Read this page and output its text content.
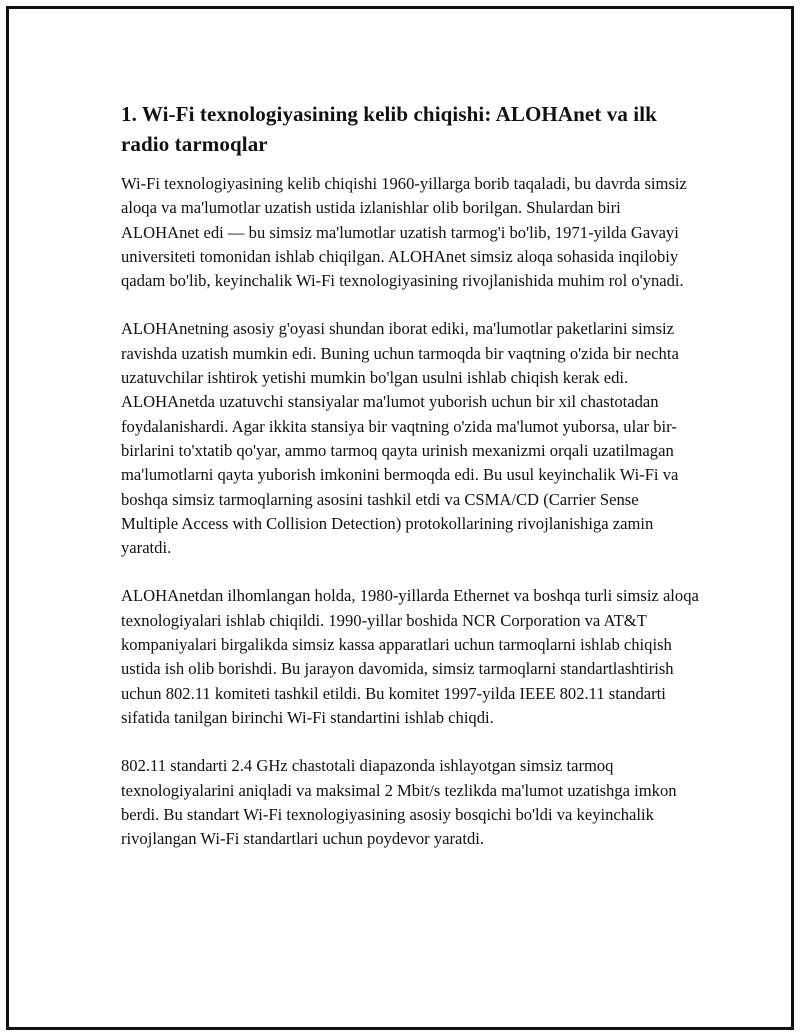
1. Wi-Fi texnologiyasining kelib chiqishi: ALOHAnet va ilk radio tarmoqlar

Wi-Fi texnologiyasining kelib chiqishi 1960-yillarga borib taqaladi, bu davrda simsiz aloqa va ma'lumotlar uzatish ustida izlanishlar olib borilgan. Shulardan biri ALOHAnet edi — bu simsiz ma'lumotlar uzatish tarmog'i bo'lib, 1971-yilda Gavayi universiteti tomonidan ishlab chiqilgan. ALOHAnet simsiz aloqa sohasida inqilobiy qadam bo'lib, keyinchalik Wi-Fi texnologiyasining rivojlanishida muhim rol o'ynadi.

ALOHAnetning asosiy g'oyasi shundan iborat ediki, ma'lumotlar paketlarini simsiz ravishda uzatish mumkin edi. Buning uchun tarmoqda bir vaqtning o'zida bir nechta uzatuvchilar ishtirok yetishi mumkin bo'lgan usulni ishlab chiqish kerak edi. ALOHAnetda uzatuvchi stansiyalar ma'lumot yuborish uchun bir xil chastotadan foydalanishardi. Agar ikkita stansiya bir vaqtning o'zida ma'lumot yuborsa, ular bir-birlarini to'xtatib qo'yar, ammo tarmoq qayta urinish mexanizmi orqali uzatilmagan ma'lumotlarni qayta yuborish imkonini bermoqda edi. Bu usul keyinchalik Wi-Fi va boshqa simsiz tarmoqlarning asosini tashkil etdi va CSMA/CD (Carrier Sense Multiple Access with Collision Detection) protokollarining rivojlanishiga zamin yaratdi.

ALOHAnetdan ilhomlangan holda, 1980-yillarda Ethernet va boshqa turli simsiz aloqa texnologiyalari ishlab chiqildi. 1990-yillar boshida NCR Corporation va AT&T kompaniyalari birgalikda simsiz kassa apparatlari uchun tarmoqlarni ishlab chiqish ustida ish olib borishdi. Bu jarayon davomida, simsiz tarmoqlarni standartlashtirish uchun 802.11 komiteti tashkil etildi. Bu komitet 1997-yilda IEEE 802.11 standarti sifatida tanilgan birinchi Wi-Fi standartini ishlab chiqdi.

802.11 standarti 2.4 GHz chastotali diapazonda ishlayotgan simsiz tarmoq texnologiyalarini aniqladi va maksimal 2 Mbit/s tezlikda ma'lumot uzatishga imkon berdi. Bu standart Wi-Fi texnologiyasining asosiy bosqichi bo'ldi va keyinchalik rivojlangan Wi-Fi standartlari uchun poydevor yaratdi.
